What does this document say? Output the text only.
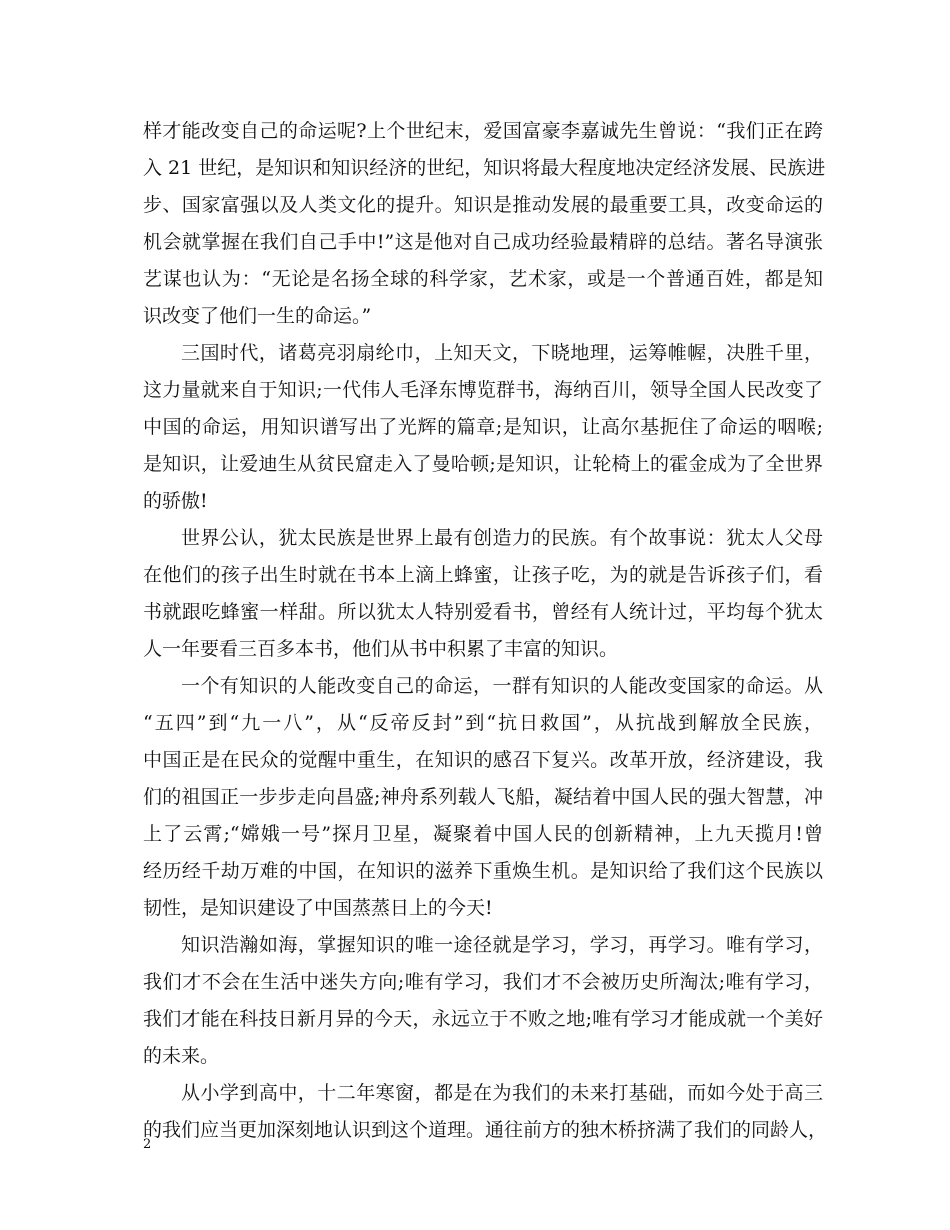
样才能改变自己的命运呢?上个世纪末，爱国富豪李嘉诚先生曾说：“我们正在跨
入 21 世纪，是知识和知识经济的世纪，知识将最大程度地决定经济发展、民族进
步、国家富强以及人类文化的提升。知识是推动发展的最重要工具，改变命运的
机会就掌握在我们自己手中!”这是他对自己成功经验最精辟的总结。著名导演张
艺谋也认为：“无论是名扬全球的科学家，艺术家，或是一个普通百姓，都是知
识改变了他们一生的命运。”
三国时代，诸葛亮羽扇纶巾，上知天文，下晓地理，运筹帷幄，决胜千里，
这力量就来自于知识;一代伟人毛泽东博览群书，海纳百川，领导全国人民改变了
中国的命运，用知识谱写出了光辉的篇章;是知识，让高尔基扼住了命运的咽喉;
是知识，让爱迪生从贫民窟走入了曼哈顿;是知识，让轮椅上的霍金成为了全世界
的骄傲!
世界公认，犹太民族是世界上最有创造力的民族。有个故事说：犹太人父母
在他们的孩子出生时就在书本上滴上蜂蜜，让孩子吃，为的就是告诉孩子们，看
书就跟吃蜂蜜一样甜。所以犹太人特别爱看书，曾经有人统计过，平均每个犹太
人一年要看三百多本书，他们从书中积累了丰富的知识。
一个有知识的人能改变自己的命运，一群有知识的人能改变国家的命运。从
“五四”到“九一八”，从“反帝反封”到“抗日救国”，从抗战到解放全民族，
中国正是在民众的觉醒中重生，在知识的感召下复兴。改革开放，经济建设，我
们的祖国正一步步走向昌盛;神舟系列载人飞船，凝结着中国人民的强大智慧，冲
上了云霄;“嫦娥一号”探月卫星，凝聚着中国人民的创新精神，上九天揽月!曾
经历经千劫万难的中国，在知识的滋养下重焕生机。是知识给了我们这个民族以
韧性，是知识建设了中国蒸蒸日上的今天!
知识浩瀚如海，掌握知识的唯一途径就是学习，学习，再学习。唯有学习，
我们才不会在生活中迷失方向;唯有学习，我们才不会被历史所淘汰;唯有学习，
我们才能在科技日新月异的今天，永远立于不败之地;唯有学习才能成就一个美好
的未来。
从小学到高中，十二年寒窗，都是在为我们的未来打基础，而如今处于高三
的我们应当更加深刻地认识到这个道理。通往前方的独木桥挤满了我们的同龄人，
2
